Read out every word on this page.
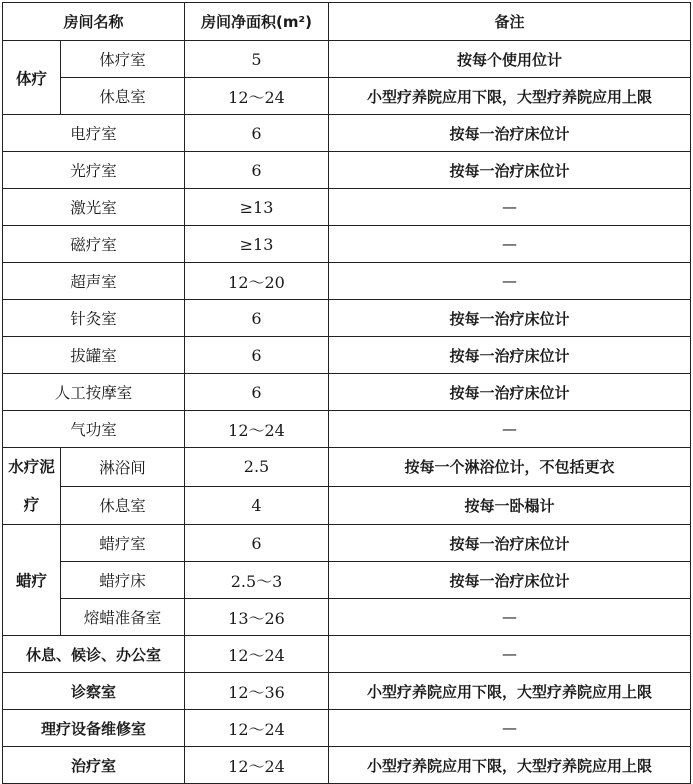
房间名称		房间净面积(m²)	备注
体疗	体疗室	5	按每个使用位计
	休息室	12～24	小型疗养院应用下限，大型疗养院应用上限
电疗室		6	按每一治疗床位计
光疗室		6	按每一治疗床位计
激光室		≥13	—
磁疗室		≥13	—
超声室		12～20	—
针灸室		6	按每一治疗床位计
拔罐室		6	按每一治疗床位计
人工按摩室		6	按每一治疗床位计
气功室		12～24	—
水疗泥疗	淋浴间	2.5	按每一个淋浴位计，不包括更衣
	休息室	4	按每一卧榻计
蜡疗	蜡疗室	6	按每一治疗床位计
	蜡疗床	2.5～3	按每一治疗床位计
	熔蜡准备室	13～26	—
休息、候诊、办公室		12～24	—
诊察室		12～36	小型疗养院应用下限，大型疗养院应用上限
理疗设备维修室		12～24	—
治疗室		12～24	小型疗养院应用下限，大型疗养院应用上限
